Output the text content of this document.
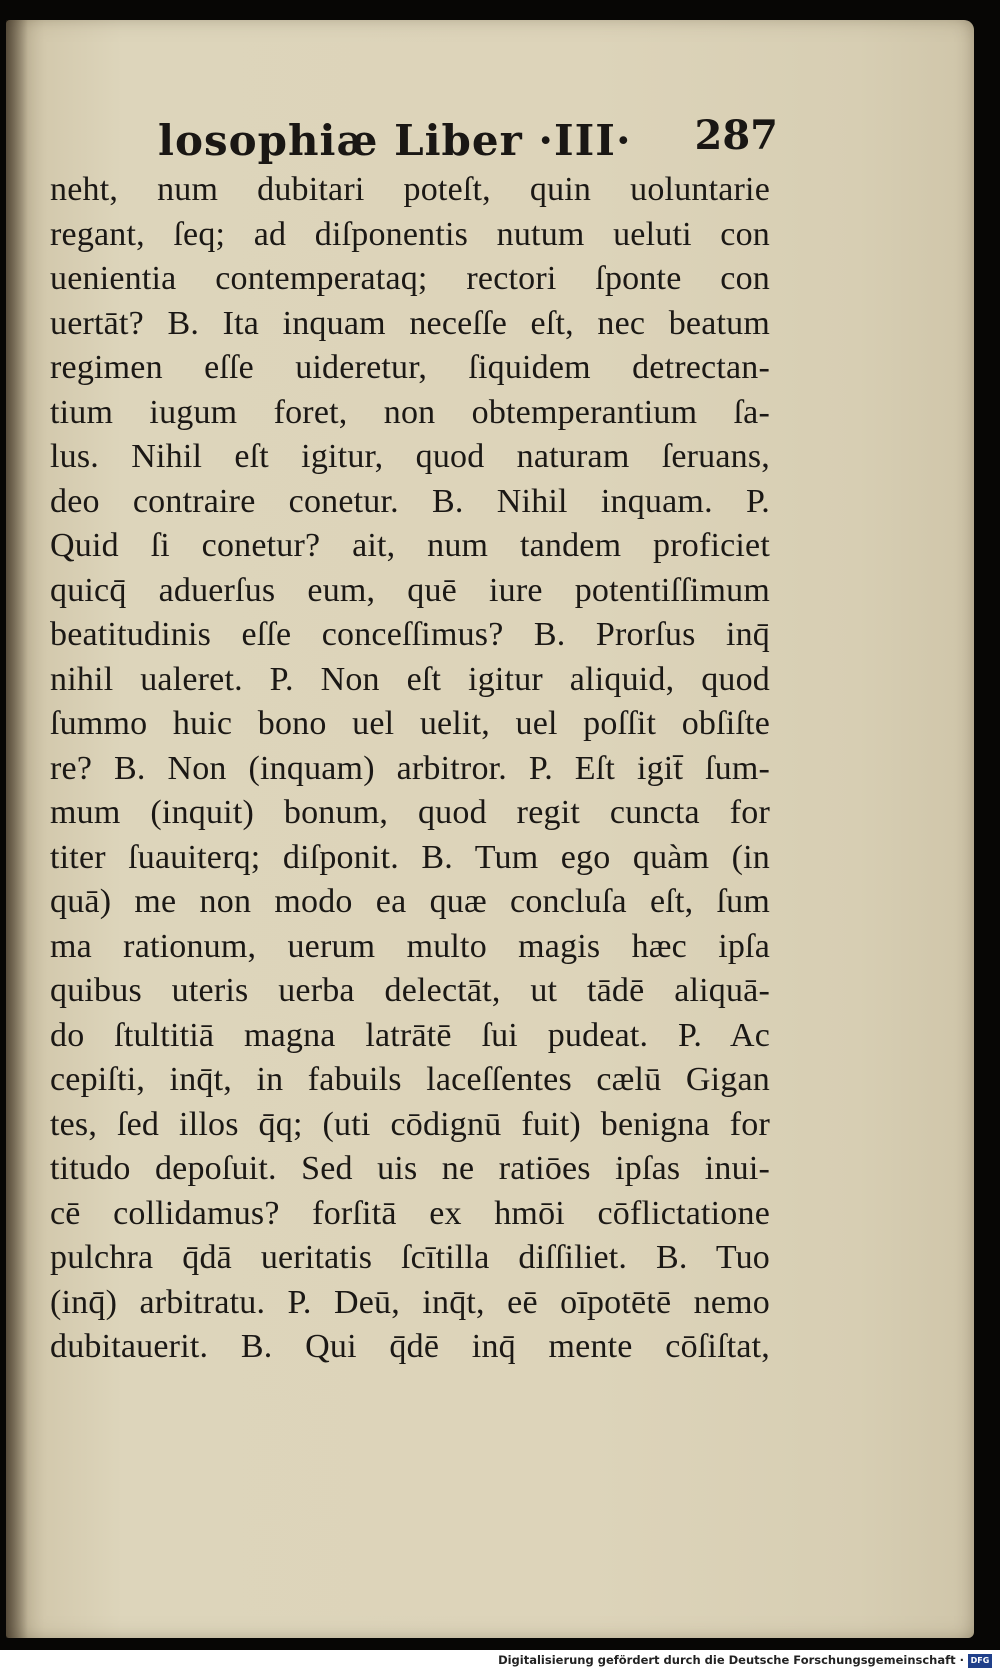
losophiæ Liber ·III· 287
neht, num dubitari poteſt, quin uoluntarie
regant, ſeq; ad diſponentis nutum ueluti con
uenientia contemperataq; rectori ſponte con
uertāt? B. Ita inquam neceſſe eſt, nec beatum
regimen eſſe uideretur, ſiquidem detrectan-
tium iugum foret, non obtemperantium ſa-
lus. Nihil eſt igitur, quod naturam ſeruans,
deo contraire conetur. B. Nihil inquam. P.
Quid ſi conetur? ait, num tandem proficiet
quicq̄ aduerſus eum, quē iure potentiſſimum
beatitudinis eſſe conceſſimus? B. Prorſus inq̄
nihil ualeret. P. Non eſt igitur aliquid, quod
ſummo huic bono uel uelit, uel poſſit obſiſte
re? B. Non (inquam) arbitror. P. Eſt igit̄ ſum-
mum (inquit) bonum, quod regit cuncta for
titer ſuauiterq; diſponit. B. Tum ego quàm (in
quā) me non modo ea quæ concluſa eſt, ſum
ma rationum, uerum multo magis hæc ipſa
quibus uteris uerba delectāt, ut tādē aliquā-
do ſtultitiā magna latrātē ſui pudeat. P. Ac
cepiſti, inq̄t, in fabuils laceſſentes cælū Gigan
tes, ſed illos q̄q; (uti cōdignū fuit) benigna for
titudo depoſuit. Sed uis ne ratiōes ipſas inui-
cē collidamus? forſitā ex hmōi cōflictatione
pulchra q̄dā ueritatis ſcītilla diſſiliet. B. Tuo
(inq̄) arbitratu. P. Deū, inq̄t, eē oīpotētē nemo
dubitauerit. B. Qui q̄dē inq̄ mente cōſiſtat,
Digitalisierung gefördert durch die Deutsche Forschungsgemeinschaft · DFG
